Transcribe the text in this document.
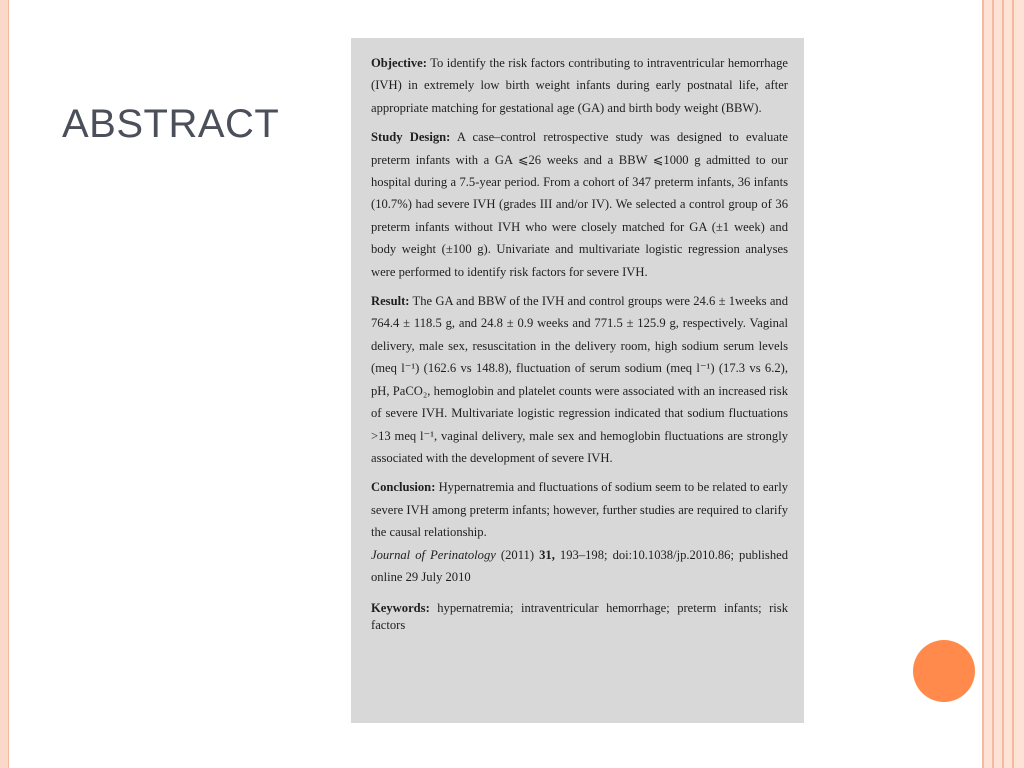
ABSTRACT

Objective: To identify the risk factors contributing to intraventricular hemorrhage (IVH) in extremely low birth weight infants during early postnatal life, after appropriate matching for gestational age (GA) and birth body weight (BBW).

Study Design: A case–control retrospective study was designed to evaluate preterm infants with a GA ⩽26 weeks and a BBW ⩽1000 g admitted to our hospital during a 7.5-year period. From a cohort of 347 preterm infants, 36 infants (10.7%) had severe IVH (grades III and/or IV). We selected a control group of 36 preterm infants without IVH who were closely matched for GA (±1 week) and body weight (±100 g). Univariate and multivariate logistic regression analyses were performed to identify risk factors for severe IVH.

Result: The GA and BBW of the IVH and control groups were 24.6 ± 1weeks and 764.4 ± 118.5 g, and 24.8 ± 0.9 weeks and 771.5 ± 125.9 g, respectively. Vaginal delivery, male sex, resuscitation in the delivery room, high sodium serum levels (meq l⁻¹) (162.6 vs 148.8), fluctuation of serum sodium (meq l⁻¹) (17.3 vs 6.2), pH, PaCO₂, hemoglobin and platelet counts were associated with an increased risk of severe IVH. Multivariate logistic regression indicated that sodium fluctuations >13 meq l⁻¹, vaginal delivery, male sex and hemoglobin fluctuations are strongly associated with the development of severe IVH.

Conclusion: Hypernatremia and fluctuations of sodium seem to be related to early severe IVH among preterm infants; however, further studies are required to clarify the causal relationship.

Journal of Perinatology (2011) 31, 193–198; doi:10.1038/jp.2010.86; published online 29 July 2010

Keywords: hypernatremia; intraventricular hemorrhage; preterm infants; risk factors
